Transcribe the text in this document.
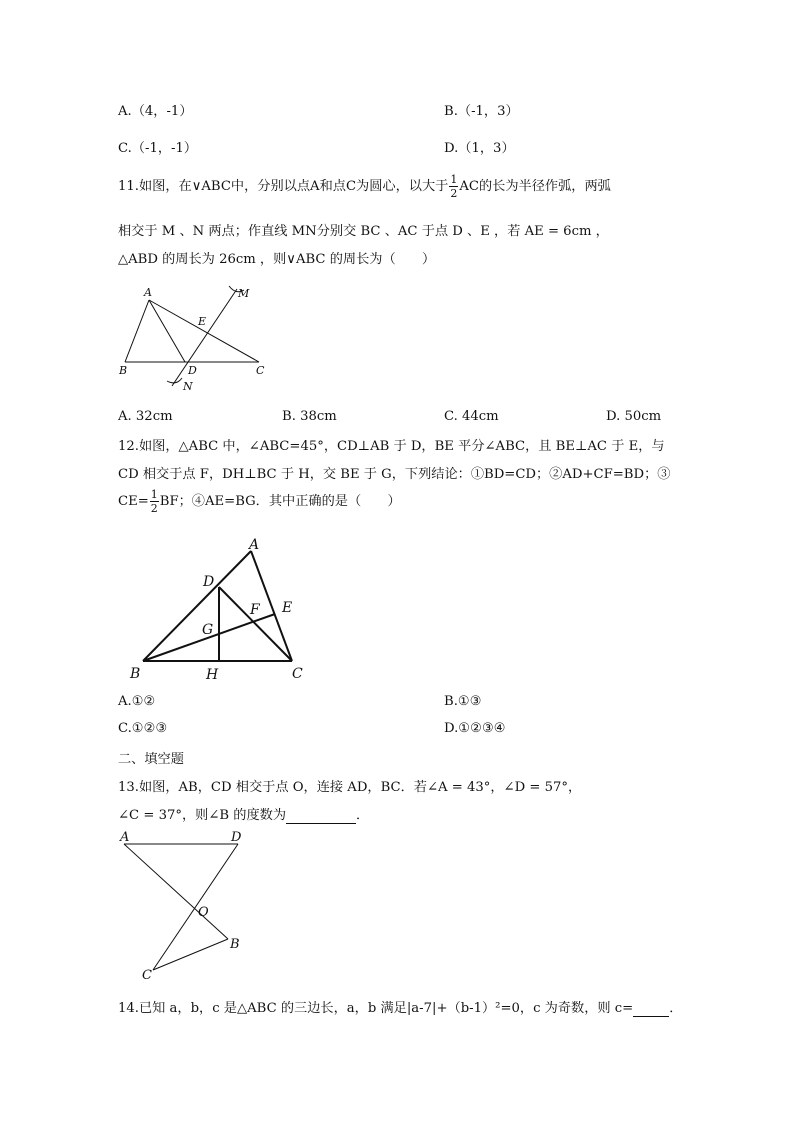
A.（4，-1）	B.（-1，3）
C.（-1，-1）	D.（1，3）
11.如图，在∨ABC中，分别以点A和点C为圆心，以大于 $\frac{1}{2}$ AC的长为半径作弧，两弧
相交于 M 、N 两点；作直线 MN分别交 BC 、AC 于点 D 、E ，若 AE = 6cm ，
△ABD 的周长为 26cm ，则∨ABC 的周长为（　　）
A	M
E
B	D	C
N
A. 32cm	B. 38cm	C. 44cm	D. 50cm
12.如图，△ABC 中，∠ABC=45°，CD⊥AB 于 D，BE 平分∠ABC，且 BE⊥AC 于 E，与
CD 相交于点 F，DH⊥BC 于 H，交 BE 于 G，下列结论：①BD=CD；②AD+CF=BD；③
$CE= \frac{1}{2}$ BF；④AE=BG．其中正确的是（　　）
A
D
E
F
G
B	H	C
A.①②	B.①③
C.①②③	D.①②③④
二、填空题
13.如图，AB，CD 相交于点 O，连接 AD，BC．若∠A = 43°，∠D = 57°，
∠C = 37°，则∠B 的度数为	．
A	D
O
B
C
14.已知 a，b，c 是△ABC 的三边长，a，b 满足|a-7|+（b-1）²=0，c 为奇数，则 c=	．
